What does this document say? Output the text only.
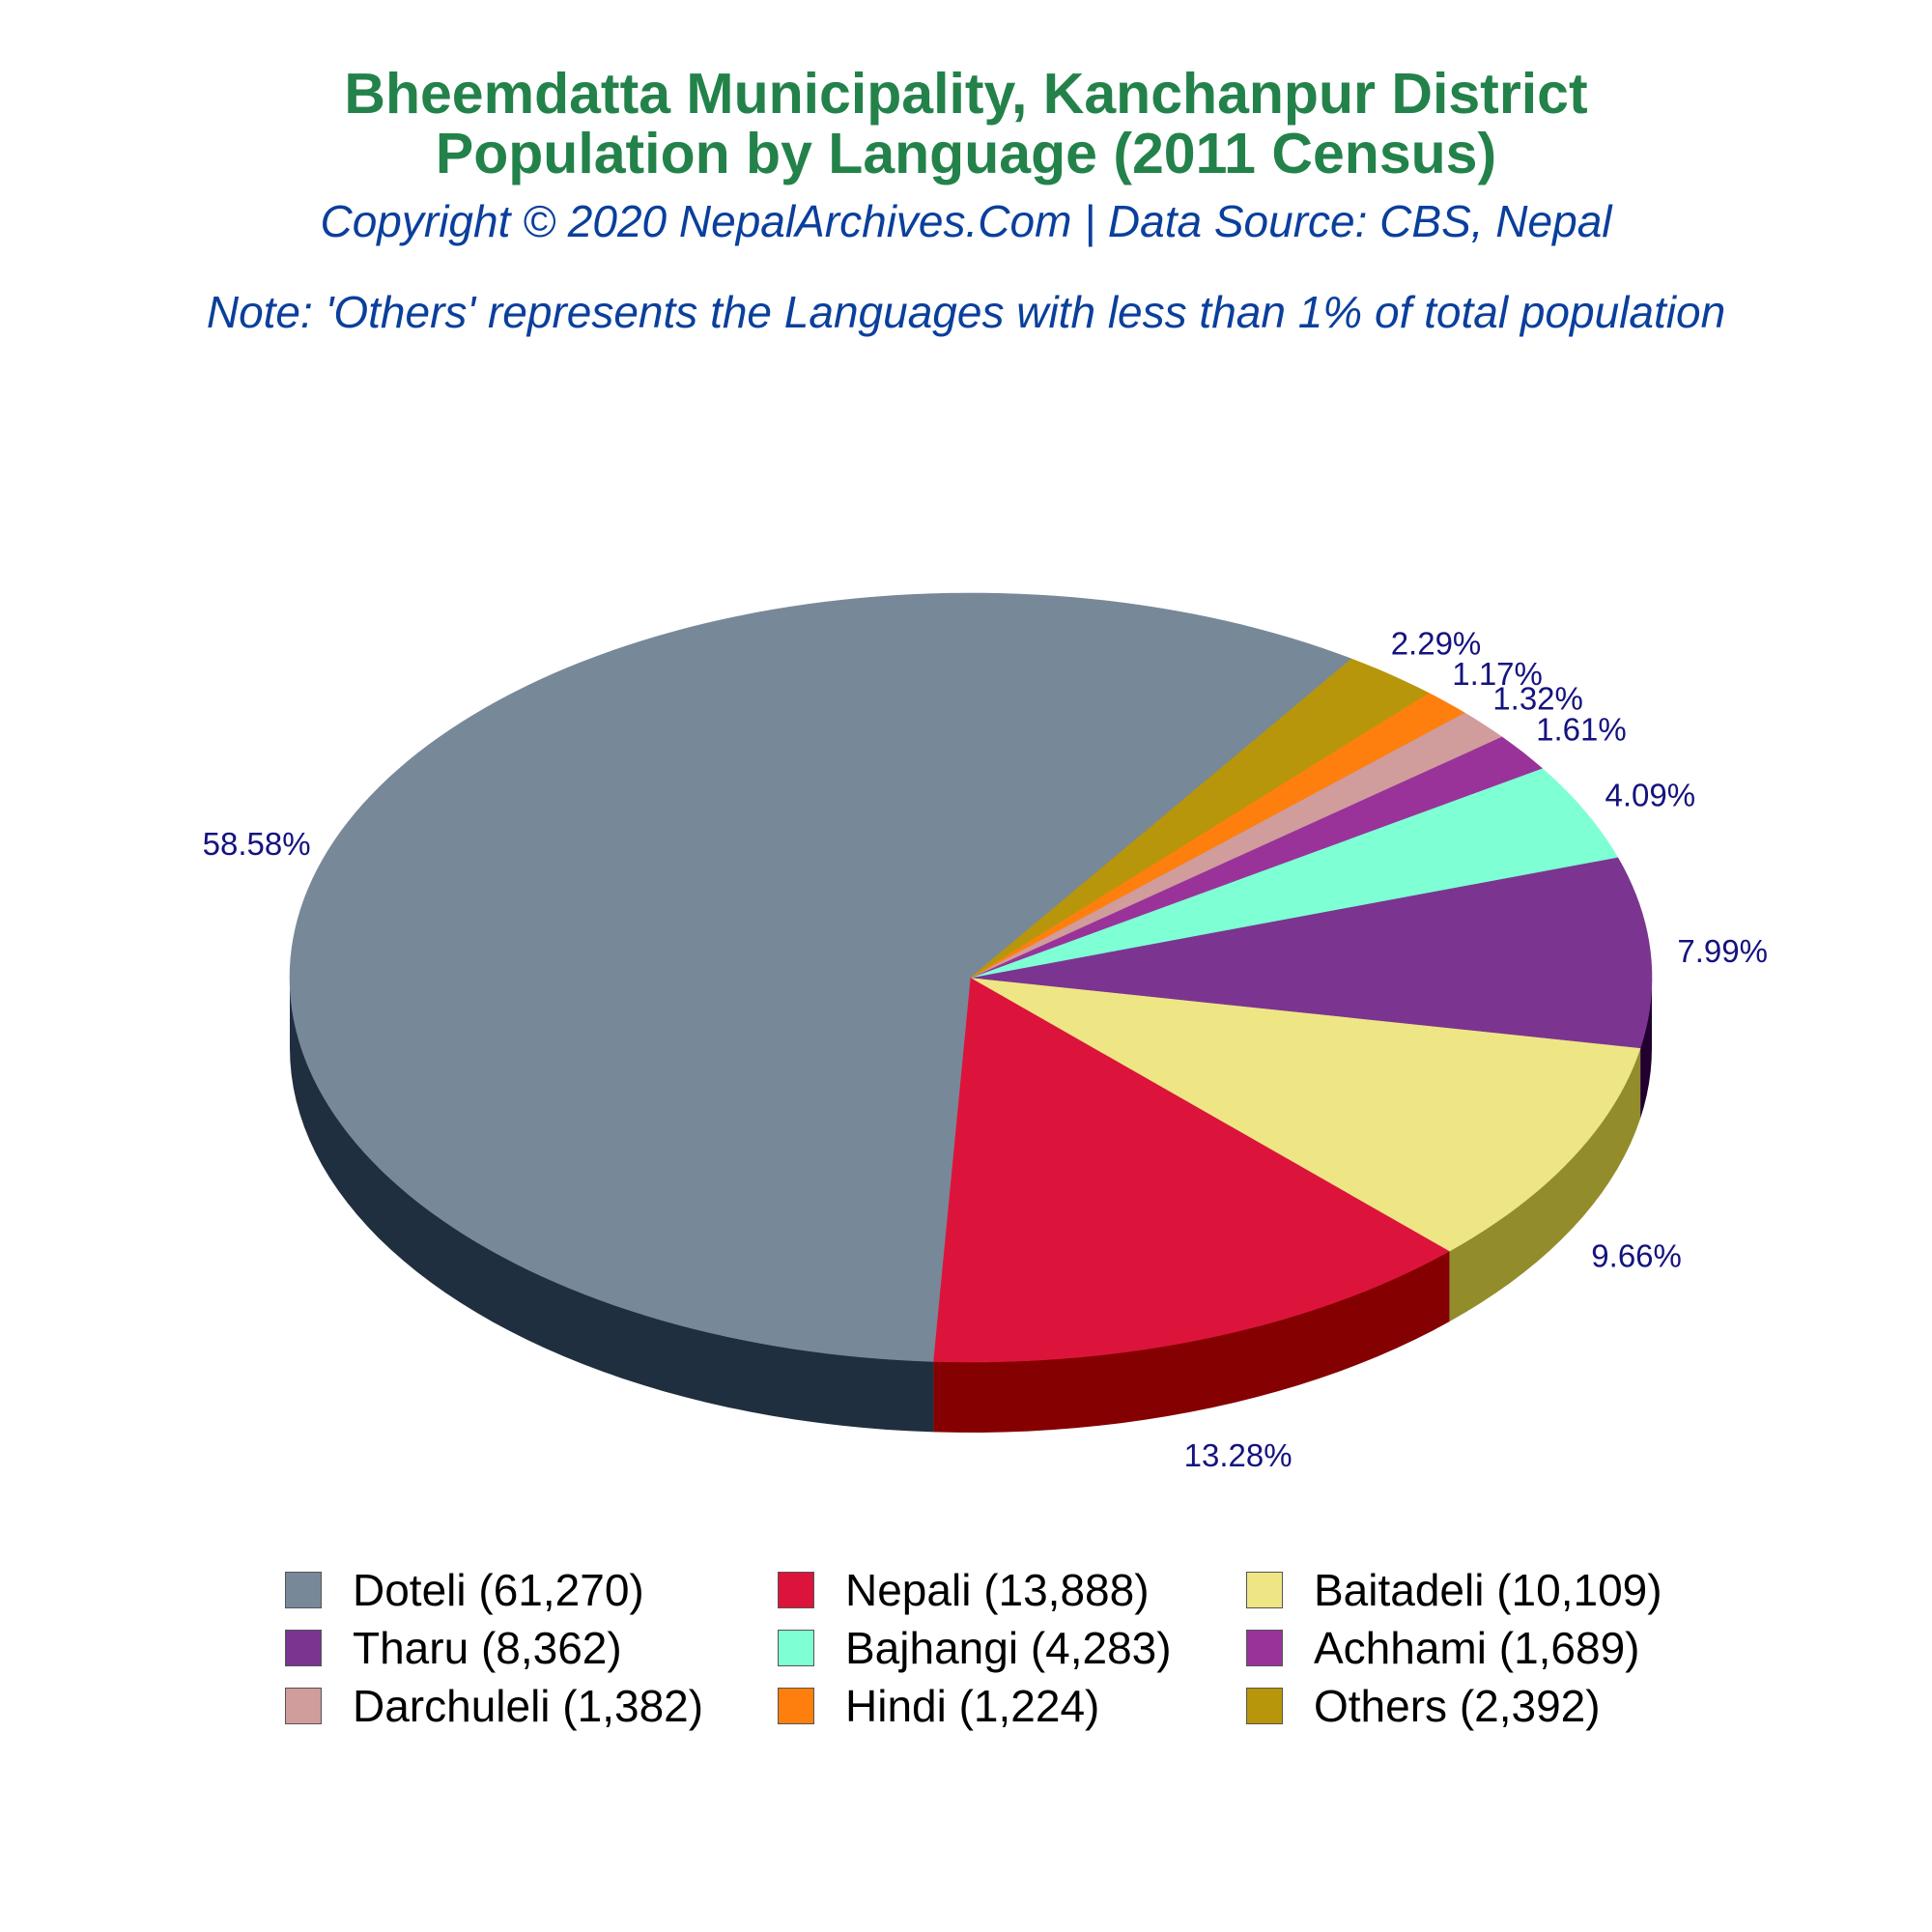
Bheemdatta Municipality, Kanchanpur District
Population by Language (2011 Census)
Copyright © 2020 NepalArchives.Com | Data Source: CBS, Nepal
Note: 'Others' represents the Languages with less than 1% of total population
58.58%
13.28%
9.66%
7.99%
4.09%
1.61%
1.32%
1.17%
2.29%
Doteli (61,270)	Nepali (13,888)	Baitadeli (10,109)
Tharu (8,362)	Bajhangi (4,283)	Achhami (1,689)
Darchuleli (1,382)	Hindi (1,224)	Others (2,392)
